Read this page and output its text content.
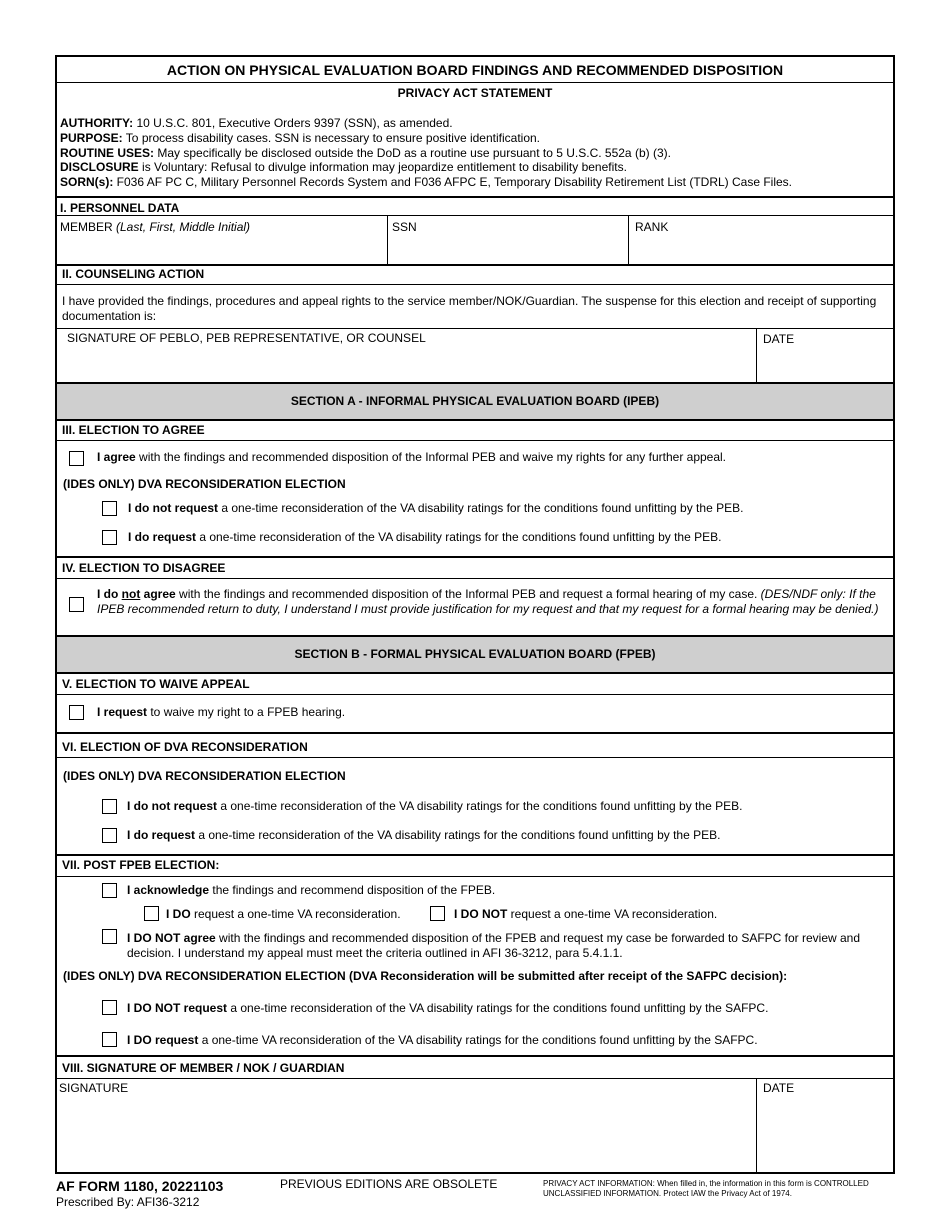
ACTION ON PHYSICAL EVALUATION BOARD FINDINGS AND RECOMMENDED DISPOSITION
PRIVACY ACT STATEMENT
AUTHORITY: 10 U.S.C. 801, Executive Orders 9397 (SSN), as amended.
PURPOSE: To process disability cases. SSN is necessary to ensure positive identification.
ROUTINE USES: May specifically be disclosed outside the DoD as a routine use pursuant to 5 U.S.C. 552a (b) (3).
DISCLOSURE is Voluntary: Refusal to divulge information may jeopardize entitlement to disability benefits.
SORN(s): F036 AF PC C, Military Personnel Records System and F036 AFPC E, Temporary Disability Retirement List (TDRL) Case Files.
I. PERSONNEL DATA
MEMBER (Last, First, Middle Initial)	SSN	RANK
II. COUNSELING ACTION
I have provided the findings, procedures and appeal rights to the service member/NOK/Guardian. The suspense for this election and receipt of supporting documentation is:
SIGNATURE OF PEBLO, PEB REPRESENTATIVE, OR COUNSEL	DATE
SECTION A - INFORMAL PHYSICAL EVALUATION BOARD (IPEB)
III. ELECTION TO AGREE
I agree with the findings and recommended disposition of the Informal PEB and waive my rights for any further appeal.
(IDES ONLY) DVA RECONSIDERATION ELECTION
I do not request a one-time reconsideration of the VA disability ratings for the conditions found unfitting by the PEB.
I do request a one-time reconsideration of the VA disability ratings for the conditions found unfitting by the PEB.
IV. ELECTION TO DISAGREE
I do not agree with the findings and recommended disposition of the Informal PEB and request a formal hearing of my case. (DES/NDF only: If the IPEB recommended return to duty, I understand I must provide justification for my request and that my request for a formal hearing may be denied.)
SECTION B - FORMAL PHYSICAL EVALUATION BOARD (FPEB)
V. ELECTION TO WAIVE APPEAL
I request to waive my right to a FPEB hearing.
VI. ELECTION OF DVA RECONSIDERATION
(IDES ONLY) DVA RECONSIDERATION ELECTION
I do not request a one-time reconsideration of the VA disability ratings for the conditions found unfitting by the PEB.
I do request a one-time reconsideration of the VA disability ratings for the conditions found unfitting by the PEB.
VII. POST FPEB ELECTION:
I acknowledge the findings and recommend disposition of the FPEB.
I DO request a one-time VA reconsideration.	I DO NOT request a one-time VA reconsideration.
I DO NOT agree with the findings and recommended disposition of the FPEB and request my case be forwarded to SAFPC for review and decision. I understand my appeal must meet the criteria outlined in AFI 36-3212, para 5.4.1.1.
(IDES ONLY) DVA RECONSIDERATION ELECTION (DVA Reconsideration will be submitted after receipt of the SAFPC decision):
I DO NOT request a one-time reconsideration of the VA disability ratings for the conditions found unfitting by the SAFPC.
I DO request a one-time VA reconsideration of the VA disability ratings for the conditions found unfitting by the SAFPC.
VIII. SIGNATURE OF MEMBER / NOK / GUARDIAN
SIGNATURE	DATE
AF FORM 1180, 20221103
Prescribed By: AFI36-3212
PREVIOUS EDITIONS ARE OBSOLETE	PRIVACY ACT INFORMATION: When filled in, the information in this form is CONTROLLED UNCLASSIFIED INFORMATION. Protect IAW the Privacy Act of 1974.
